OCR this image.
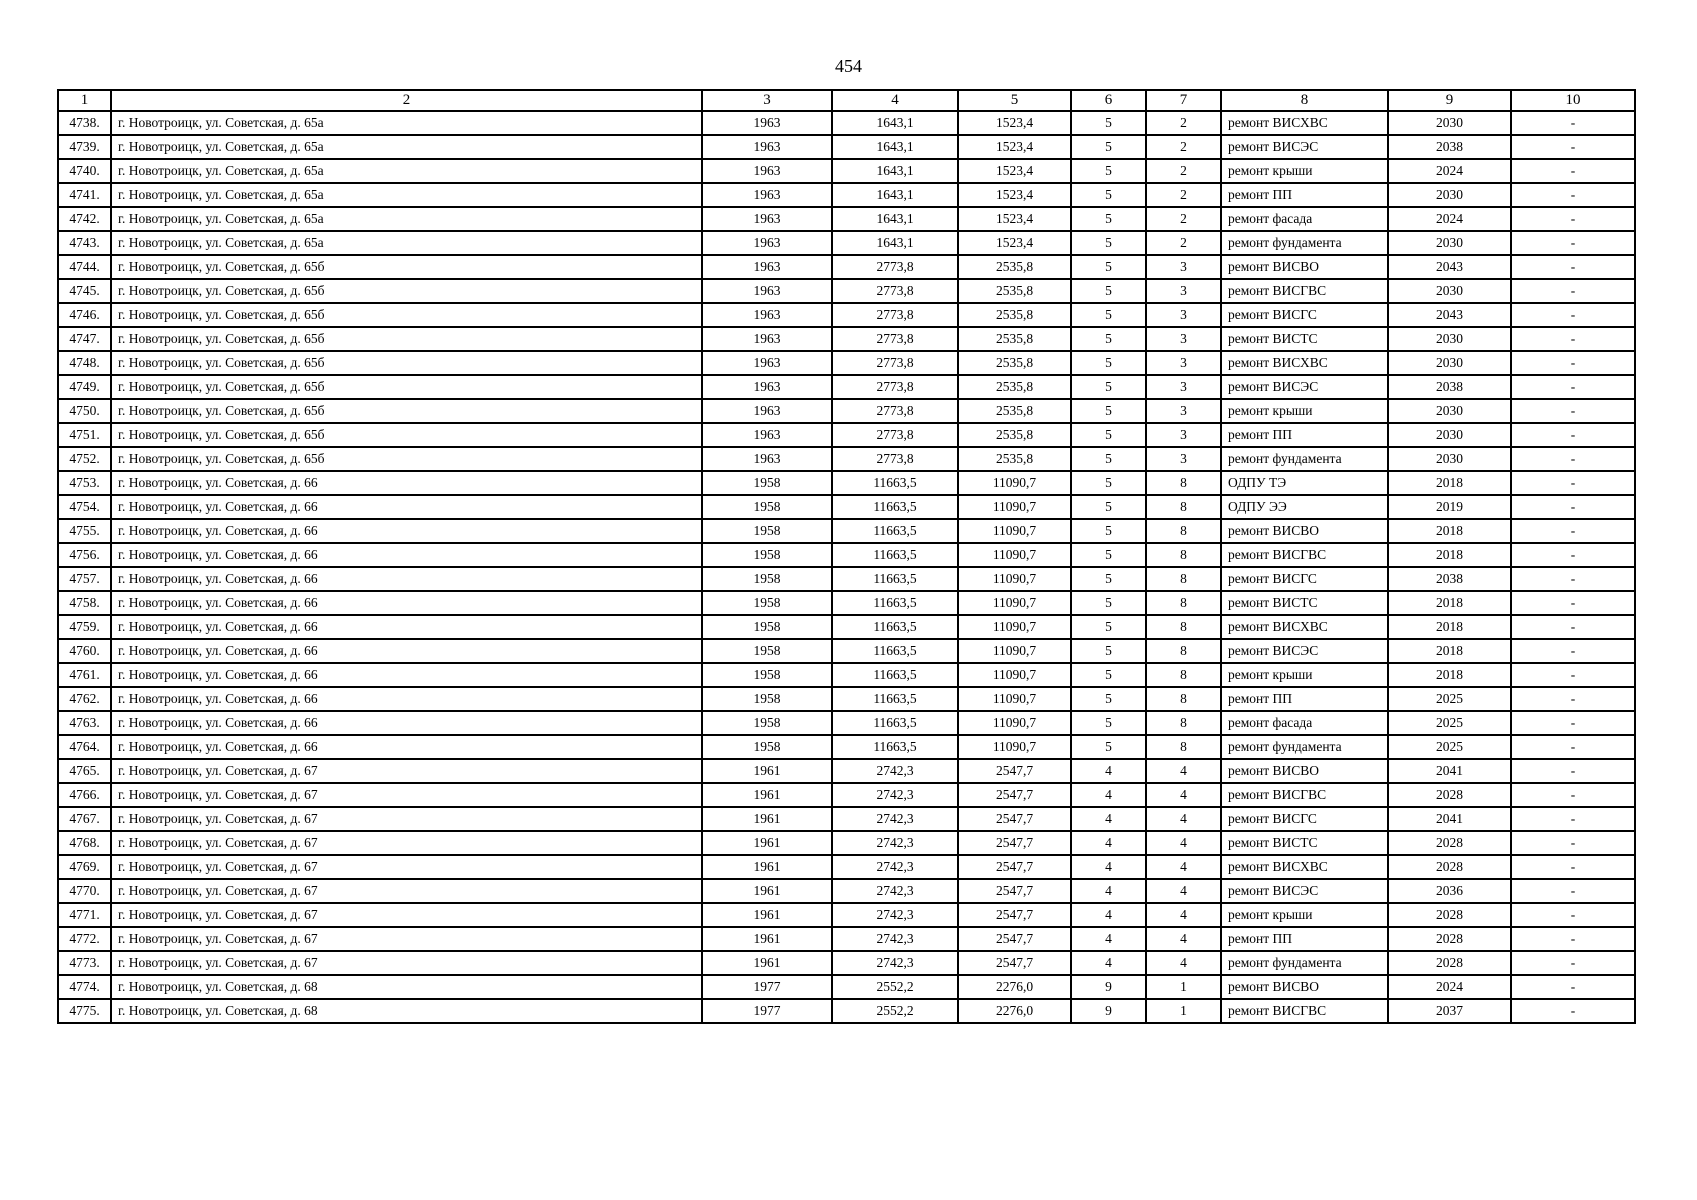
454
1	2	3	4	5	6	7	8	9	10
4738.	г. Новотроицк, ул. Советская, д. 65а	1963	1643,1	1523,4	5	2	ремонт ВИСХВС	2030	-
4739.	г. Новотроицк, ул. Советская, д. 65а	1963	1643,1	1523,4	5	2	ремонт ВИСЭС	2038	-
4740.	г. Новотроицк, ул. Советская, д. 65а	1963	1643,1	1523,4	5	2	ремонт крыши	2024	-
4741.	г. Новотроицк, ул. Советская, д. 65а	1963	1643,1	1523,4	5	2	ремонт ПП	2030	-
4742.	г. Новотроицк, ул. Советская, д. 65а	1963	1643,1	1523,4	5	2	ремонт фасада	2024	-
4743.	г. Новотроицк, ул. Советская, д. 65а	1963	1643,1	1523,4	5	2	ремонт фундамента	2030	-
4744.	г. Новотроицк, ул. Советская, д. 65б	1963	2773,8	2535,8	5	3	ремонт ВИСВО	2043	-
4745.	г. Новотроицк, ул. Советская, д. 65б	1963	2773,8	2535,8	5	3	ремонт ВИСГВС	2030	-
4746.	г. Новотроицк, ул. Советская, д. 65б	1963	2773,8	2535,8	5	3	ремонт ВИСГС	2043	-
4747.	г. Новотроицк, ул. Советская, д. 65б	1963	2773,8	2535,8	5	3	ремонт ВИСТС	2030	-
4748.	г. Новотроицк, ул. Советская, д. 65б	1963	2773,8	2535,8	5	3	ремонт ВИСХВС	2030	-
4749.	г. Новотроицк, ул. Советская, д. 65б	1963	2773,8	2535,8	5	3	ремонт ВИСЭС	2038	-
4750.	г. Новотроицк, ул. Советская, д. 65б	1963	2773,8	2535,8	5	3	ремонт крыши	2030	-
4751.	г. Новотроицк, ул. Советская, д. 65б	1963	2773,8	2535,8	5	3	ремонт ПП	2030	-
4752.	г. Новотроицк, ул. Советская, д. 65б	1963	2773,8	2535,8	5	3	ремонт фундамента	2030	-
4753.	г. Новотроицк, ул. Советская, д. 66	1958	11663,5	11090,7	5	8	ОДПУ ТЭ	2018	-
4754.	г. Новотроицк, ул. Советская, д. 66	1958	11663,5	11090,7	5	8	ОДПУ ЭЭ	2019	-
4755.	г. Новотроицк, ул. Советская, д. 66	1958	11663,5	11090,7	5	8	ремонт ВИСВО	2018	-
4756.	г. Новотроицк, ул. Советская, д. 66	1958	11663,5	11090,7	5	8	ремонт ВИСГВС	2018	-
4757.	г. Новотроицк, ул. Советская, д. 66	1958	11663,5	11090,7	5	8	ремонт ВИСГС	2038	-
4758.	г. Новотроицк, ул. Советская, д. 66	1958	11663,5	11090,7	5	8	ремонт ВИСТС	2018	-
4759.	г. Новотроицк, ул. Советская, д. 66	1958	11663,5	11090,7	5	8	ремонт ВИСХВС	2018	-
4760.	г. Новотроицк, ул. Советская, д. 66	1958	11663,5	11090,7	5	8	ремонт ВИСЭС	2018	-
4761.	г. Новотроицк, ул. Советская, д. 66	1958	11663,5	11090,7	5	8	ремонт крыши	2018	-
4762.	г. Новотроицк, ул. Советская, д. 66	1958	11663,5	11090,7	5	8	ремонт ПП	2025	-
4763.	г. Новотроицк, ул. Советская, д. 66	1958	11663,5	11090,7	5	8	ремонт фасада	2025	-
4764.	г. Новотроицк, ул. Советская, д. 66	1958	11663,5	11090,7	5	8	ремонт фундамента	2025	-
4765.	г. Новотроицк, ул. Советская, д. 67	1961	2742,3	2547,7	4	4	ремонт ВИСВО	2041	-
4766.	г. Новотроицк, ул. Советская, д. 67	1961	2742,3	2547,7	4	4	ремонт ВИСГВС	2028	-
4767.	г. Новотроицк, ул. Советская, д. 67	1961	2742,3	2547,7	4	4	ремонт ВИСГС	2041	-
4768.	г. Новотроицк, ул. Советская, д. 67	1961	2742,3	2547,7	4	4	ремонт ВИСТС	2028	-
4769.	г. Новотроицк, ул. Советская, д. 67	1961	2742,3	2547,7	4	4	ремонт ВИСХВС	2028	-
4770.	г. Новотроицк, ул. Советская, д. 67	1961	2742,3	2547,7	4	4	ремонт ВИСЭС	2036	-
4771.	г. Новотроицк, ул. Советская, д. 67	1961	2742,3	2547,7	4	4	ремонт крыши	2028	-
4772.	г. Новотроицк, ул. Советская, д. 67	1961	2742,3	2547,7	4	4	ремонт ПП	2028	-
4773.	г. Новотроицк, ул. Советская, д. 67	1961	2742,3	2547,7	4	4	ремонт фундамента	2028	-
4774.	г. Новотроицк, ул. Советская, д. 68	1977	2552,2	2276,0	9	1	ремонт ВИСВО	2024	-
4775.	г. Новотроицк, ул. Советская, д. 68	1977	2552,2	2276,0	9	1	ремонт ВИСГВС	2037	-
